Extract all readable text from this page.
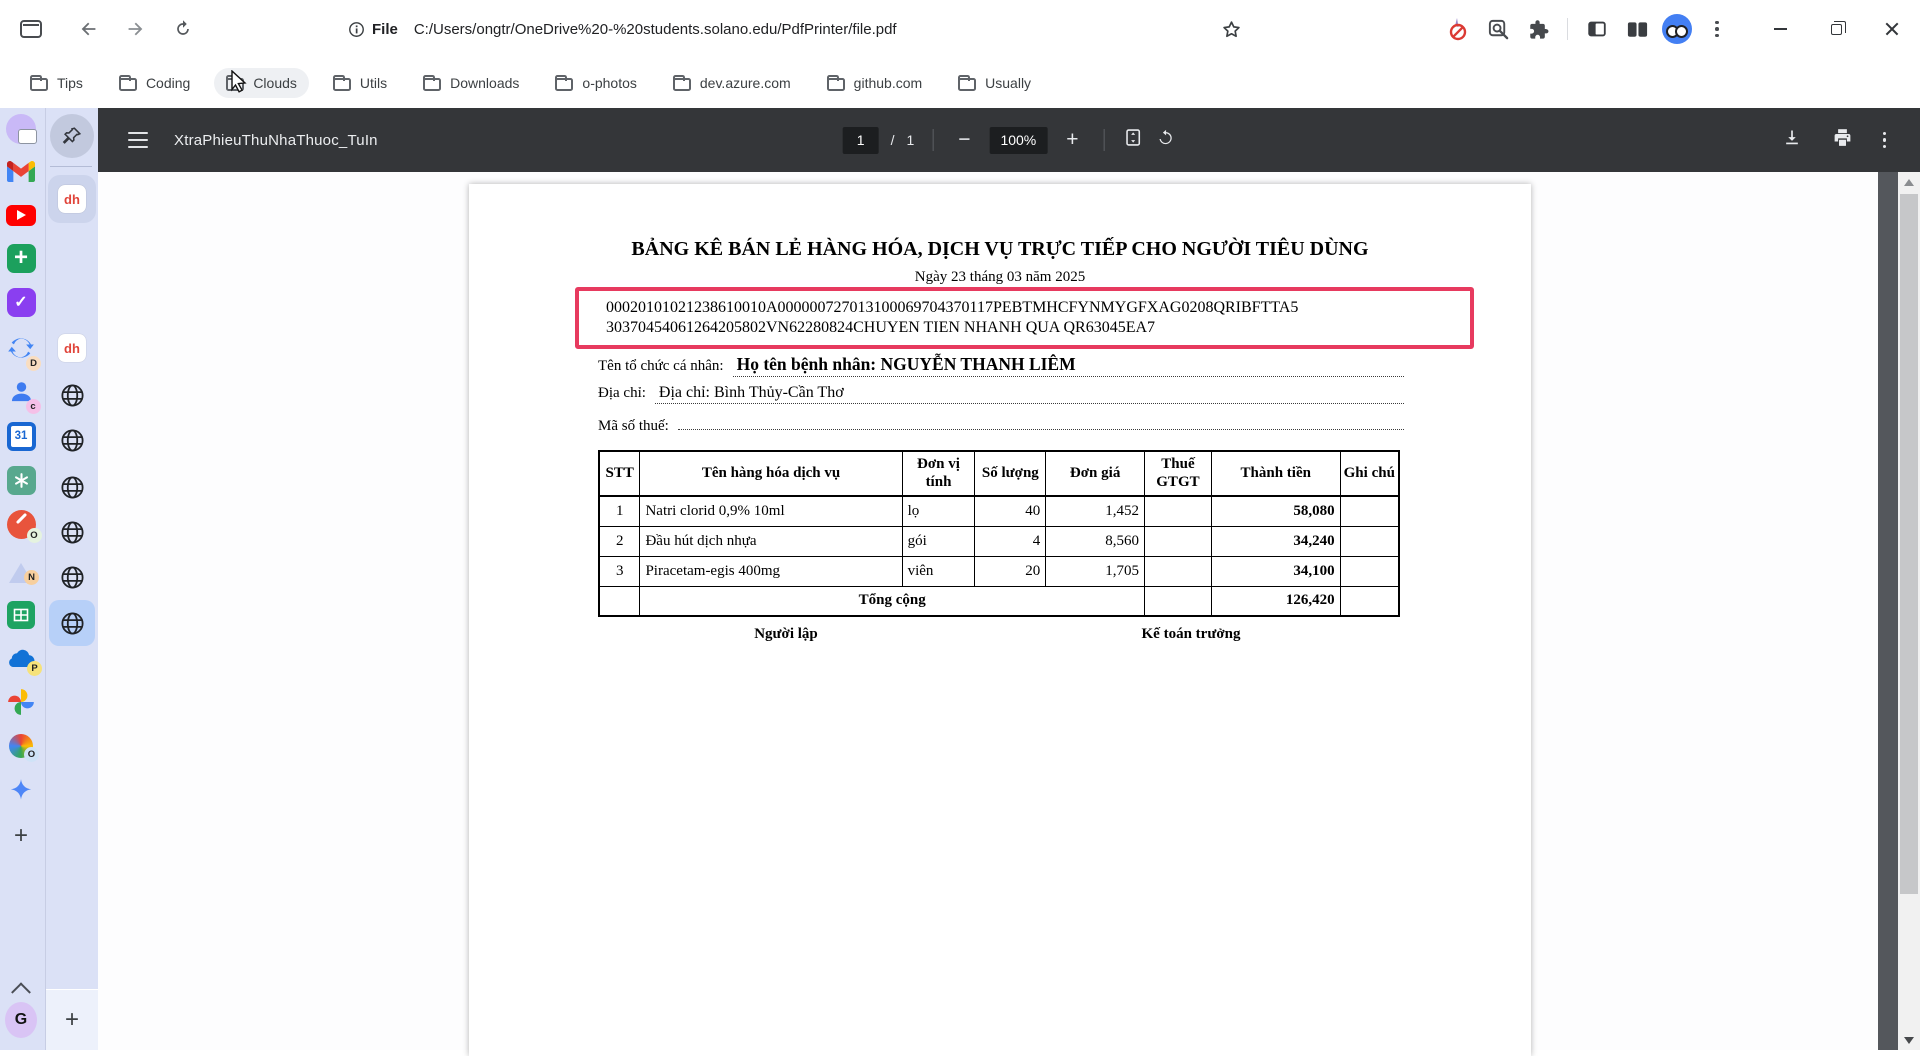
File C:/Users/ongtr/OneDrive%20-%20students.solano.edu/PdfPrinter/file.pdf
Tips	Coding	Clouds	Utils	Downloads	o-photos	dev.azure.com	github.com	Usually
+
✓
D
c
31
O
N
P
O
+
G
dh
dh
+
XtraPhieuThuNhaThuoc_TuIn
1	/ 1	−	100%	+
BẢNG KÊ BÁN LẺ HÀNG HÓA, DỊCH VỤ TRỰC TIẾP CHO NGƯỜI TIÊU DÙNG
Ngày 23 tháng 03 năm 2025
00020101021238610010A000000727013100069704370117PEBTMHCFYNMYGFXAG0208QRIBFTTA5
30370454061264205802VN62280824CHUYEN TIEN NHANH QUA QR63045EA7
Tên tổ chức cá nhân: Họ tên bệnh nhân: NGUYỄN THANH LIÊM
Địa chỉ: Địa chỉ: Bình Thủy-Cần Thơ
Mã số thuế:
STT	Tên hàng hóa dịch vụ	Đơn vị tính	Số lượng	Đơn giá	Thuế GTGT	Thành tiền	Ghi chú
1	Natri clorid 0,9% 10ml	lọ	40	1,452		58,080	
2	Đầu hút dịch nhựa	gói	4	8,560		34,240	
3	Piracetam-egis 400mg	viên	20	1,705		34,100	
	Tổng cộng					126,420	
Người lập	Kế toán trưởng
